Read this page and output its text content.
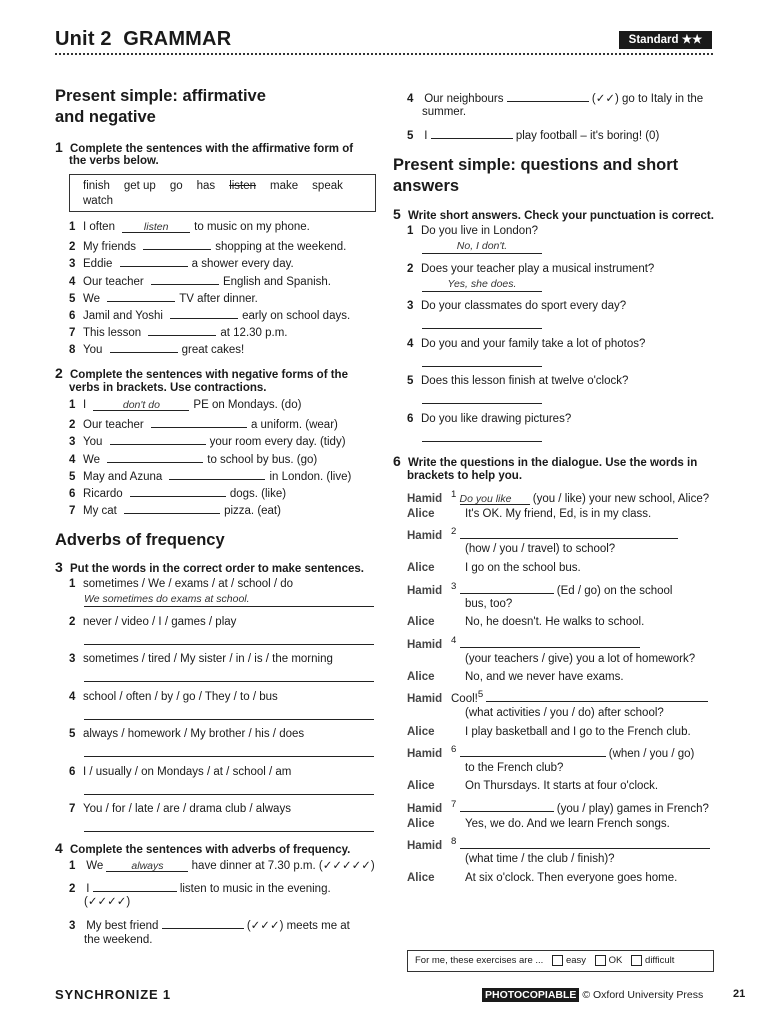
Unit 2 GRAMMAR	Standard ★★
Present simple: affirmative
and negative
1 Complete the sentences with the affirmative form of
the verbs below.
finish get up go has listen make speak
watch
1 I often	listen to music on my phone.
2 My friends	shopping at the weekend.
3 Eddie	a shower every day.
4 Our teacher	English and Spanish.
5 We	TV after dinner.
6 Jamil and Yoshi	early on school days.
7 This lesson	at 12.30 p.m.
8 You	great cakes!
2 Complete the sentences with negative forms of the
verbs in brackets. Use contractions.
1 I	don't do	PE on Mondays. (do)
2 Our teacher	a uniform. (wear)
3 You	your room every day. (tidy)
4 We	to school by bus. (go)
5 May and Azuna	in London. (live)
6 Ricardo	dogs. (like)
7 My cat	pizza. (eat)
Adverbs of frequency
3 Put the words in the correct order to make sentences.
1 sometimes / We / exams / at / school / do
We sometimes do exams at school.
2 never / video / I / games / play
3 sometimes / tired / My sister / in / is / the morning
4 school / often / by / go / They / to / bus
5 always / homework / My brother / his / does
6 I / usually / on Mondays / at / school / am
7 You / for / late / are / drama club / always
4 Complete the sentences with adverbs of frequency.
1 We	always have dinner at 7.30 p.m. (✓✓✓✓✓)
2 I	listen to music in the evening.
(✓✓✓✓)
3 My best friend	(✓✓✓) meets me at
the weekend.
4 Our neighbours	(✓✓) go to Italy in the
summer.
5 I	play football – it's boring! (0)
Present simple: questions and short
answers
5 Write short answers. Check your punctuation is correct.
1 Do you live in London?
No, I don't.
2 Does your teacher play a musical instrument?
Yes, she does.
3 Do your classmates do sport every day?
4 Do you and your family take a lot of photos?
5 Does this lesson finish at twelve o'clock?
6 Do you like drawing pictures?
6 Write the questions in the dialogue. Use the words in
brackets to help you.
Hamid $^1$ Do you like (you / like) your new school, Alice?
Alice	It's OK. My friend, Ed, is in my class.
Hamid $^2$
(how / you / travel) to school?
Alice	I go on the school bus.
Hamid $^3$	(Ed / go) on the school
bus, too?
Alice	No, he doesn't. He walks to school.
Hamid $^4$
(your teachers / give) you a lot of homework?
Alice	No, and we never have exams.
Hamid Cool!$^5$
(what activities / you / do) after school?
Alice	I play basketball and I go to the French club.
Hamid $^6$	(when / you / go)
to the French club?
Alice	On Thursdays. It starts at four o'clock.
Hamid $^7$	(you / play) games in French?
Alice	Yes, we do. And we learn French songs.
Hamid $^8$
(what time / the club / finish)?
Alice	At six o'clock. Then everyone goes home.
For me, these exercises are ... easy OK difficult
SYNCHRONIZE 1	PHOTOCOPIABLE © Oxford University Press	21
